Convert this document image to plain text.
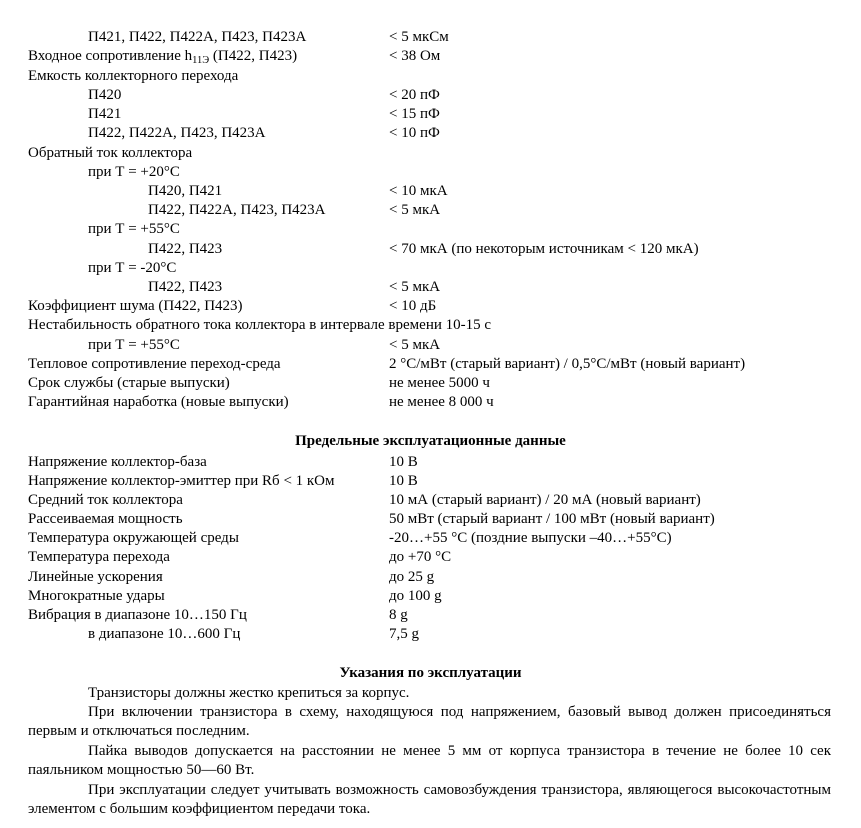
П421, П422, П422А, П423, П423А	< 5 мкСм
Входное сопротивление $h_{11Э}$ (П422, П423)	< 38 Ом
Емкость коллекторного перехода
П420	< 20 пФ
П421	< 15 пФ
П422, П422А, П423, П423А	< 10 пФ
Обратный ток коллектора
при Т = +20°С
П420, П421	< 10 мкА
П422, П422А, П423, П423А	< 5 мкА
при Т = +55°С
П422, П423	< 70 мкА (по некоторым источникам < 120 мкА)
при Т = -20°С
П422, П423	< 5 мкА
Коэффициент шума (П422, П423)	< 10 дБ
Нестабильность обратного тока коллектора в интервале времени 10-15 с
при Т = +55°С	< 5 мкА
Тепловое сопротивление переход-среда	2 °С/мВт (старый вариант) / 0,5°С/мВт (новый вариант)
Срок службы (старые выпуски)	не менее 5000 ч
Гарантийная наработка (новые выпуски)	не менее 8 000 ч
Предельные эксплуатационные данные
Напряжение коллектор-база	10 В
Напряжение коллектор-эмиттер при Rб < 1 кОм	10 В
Средний ток коллектора	10 мА (старый вариант) / 20 мА (новый вариант)
Рассеиваемая мощность	50 мВт (старый вариант / 100 мВт (новый вариант)
Температура окружающей среды	-20…+55 °С (поздние выпуски –40…+55°С)
Температура перехода	до +70 °С
Линейные ускорения	до 25 g
Многократные удары	до 100 g
Вибрация в диапазоне 10…150 Гц	8 g
в диапазоне 10…600 Гц	7,5 g
Указания по эксплуатации
Транзисторы должны жестко крепиться за корпус.
При включении транзистора в схему, находящуюся под напряжением, базовый вывод должен присоединяться первым и отключаться последним.
Пайка выводов допускается на расстоянии не менее 5 мм от корпуса транзистора в течение не более 10 сек паяльником мощностью 50—60 Вт.
При эксплуатации следует учитывать возможность самовозбуждения транзистора, являющегося высокочастотным элементом с большим коэффициентом передачи тока.
